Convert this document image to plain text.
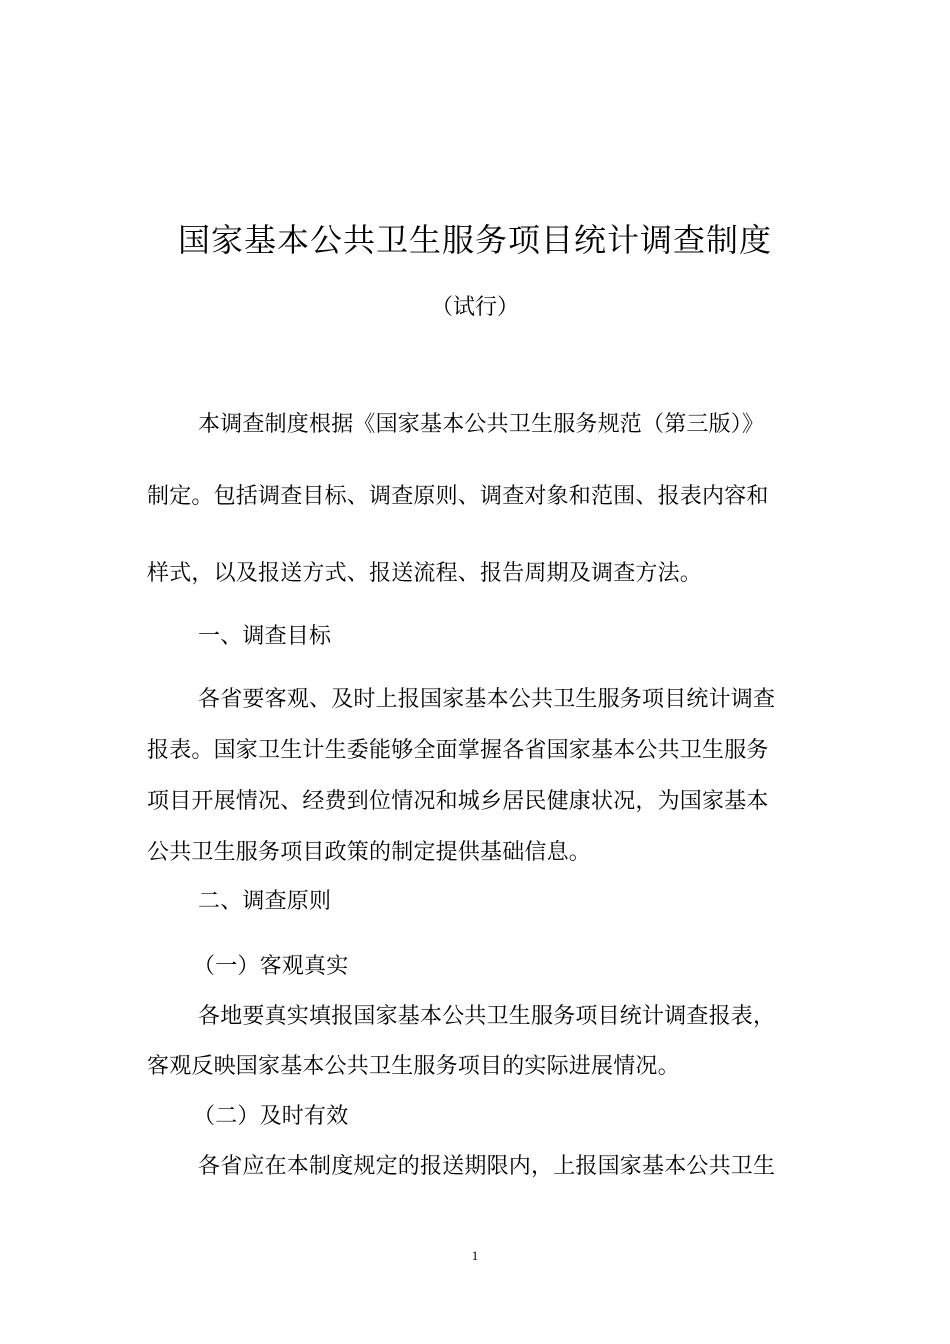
国家基本公共卫生服务项目统计调查制度
（试行）
本调查制度根据《国家基本公共卫生服务规范（第三版）》
制定。包括调查目标、调查原则、调查对象和范围、报表内容和
样式，以及报送方式、报送流程、报告周期及调查方法。
一、调查目标
各省要客观、及时上报国家基本公共卫生服务项目统计调查
报表。国家卫生计生委能够全面掌握各省国家基本公共卫生服务
项目开展情况、经费到位情况和城乡居民健康状况，为国家基本
公共卫生服务项目政策的制定提供基础信息。
二、调查原则
（一）客观真实
各地要真实填报国家基本公共卫生服务项目统计调查报表，
客观反映国家基本公共卫生服务项目的实际进展情况。
（二）及时有效
各省应在本制度规定的报送期限内，上报国家基本公共卫生
1
